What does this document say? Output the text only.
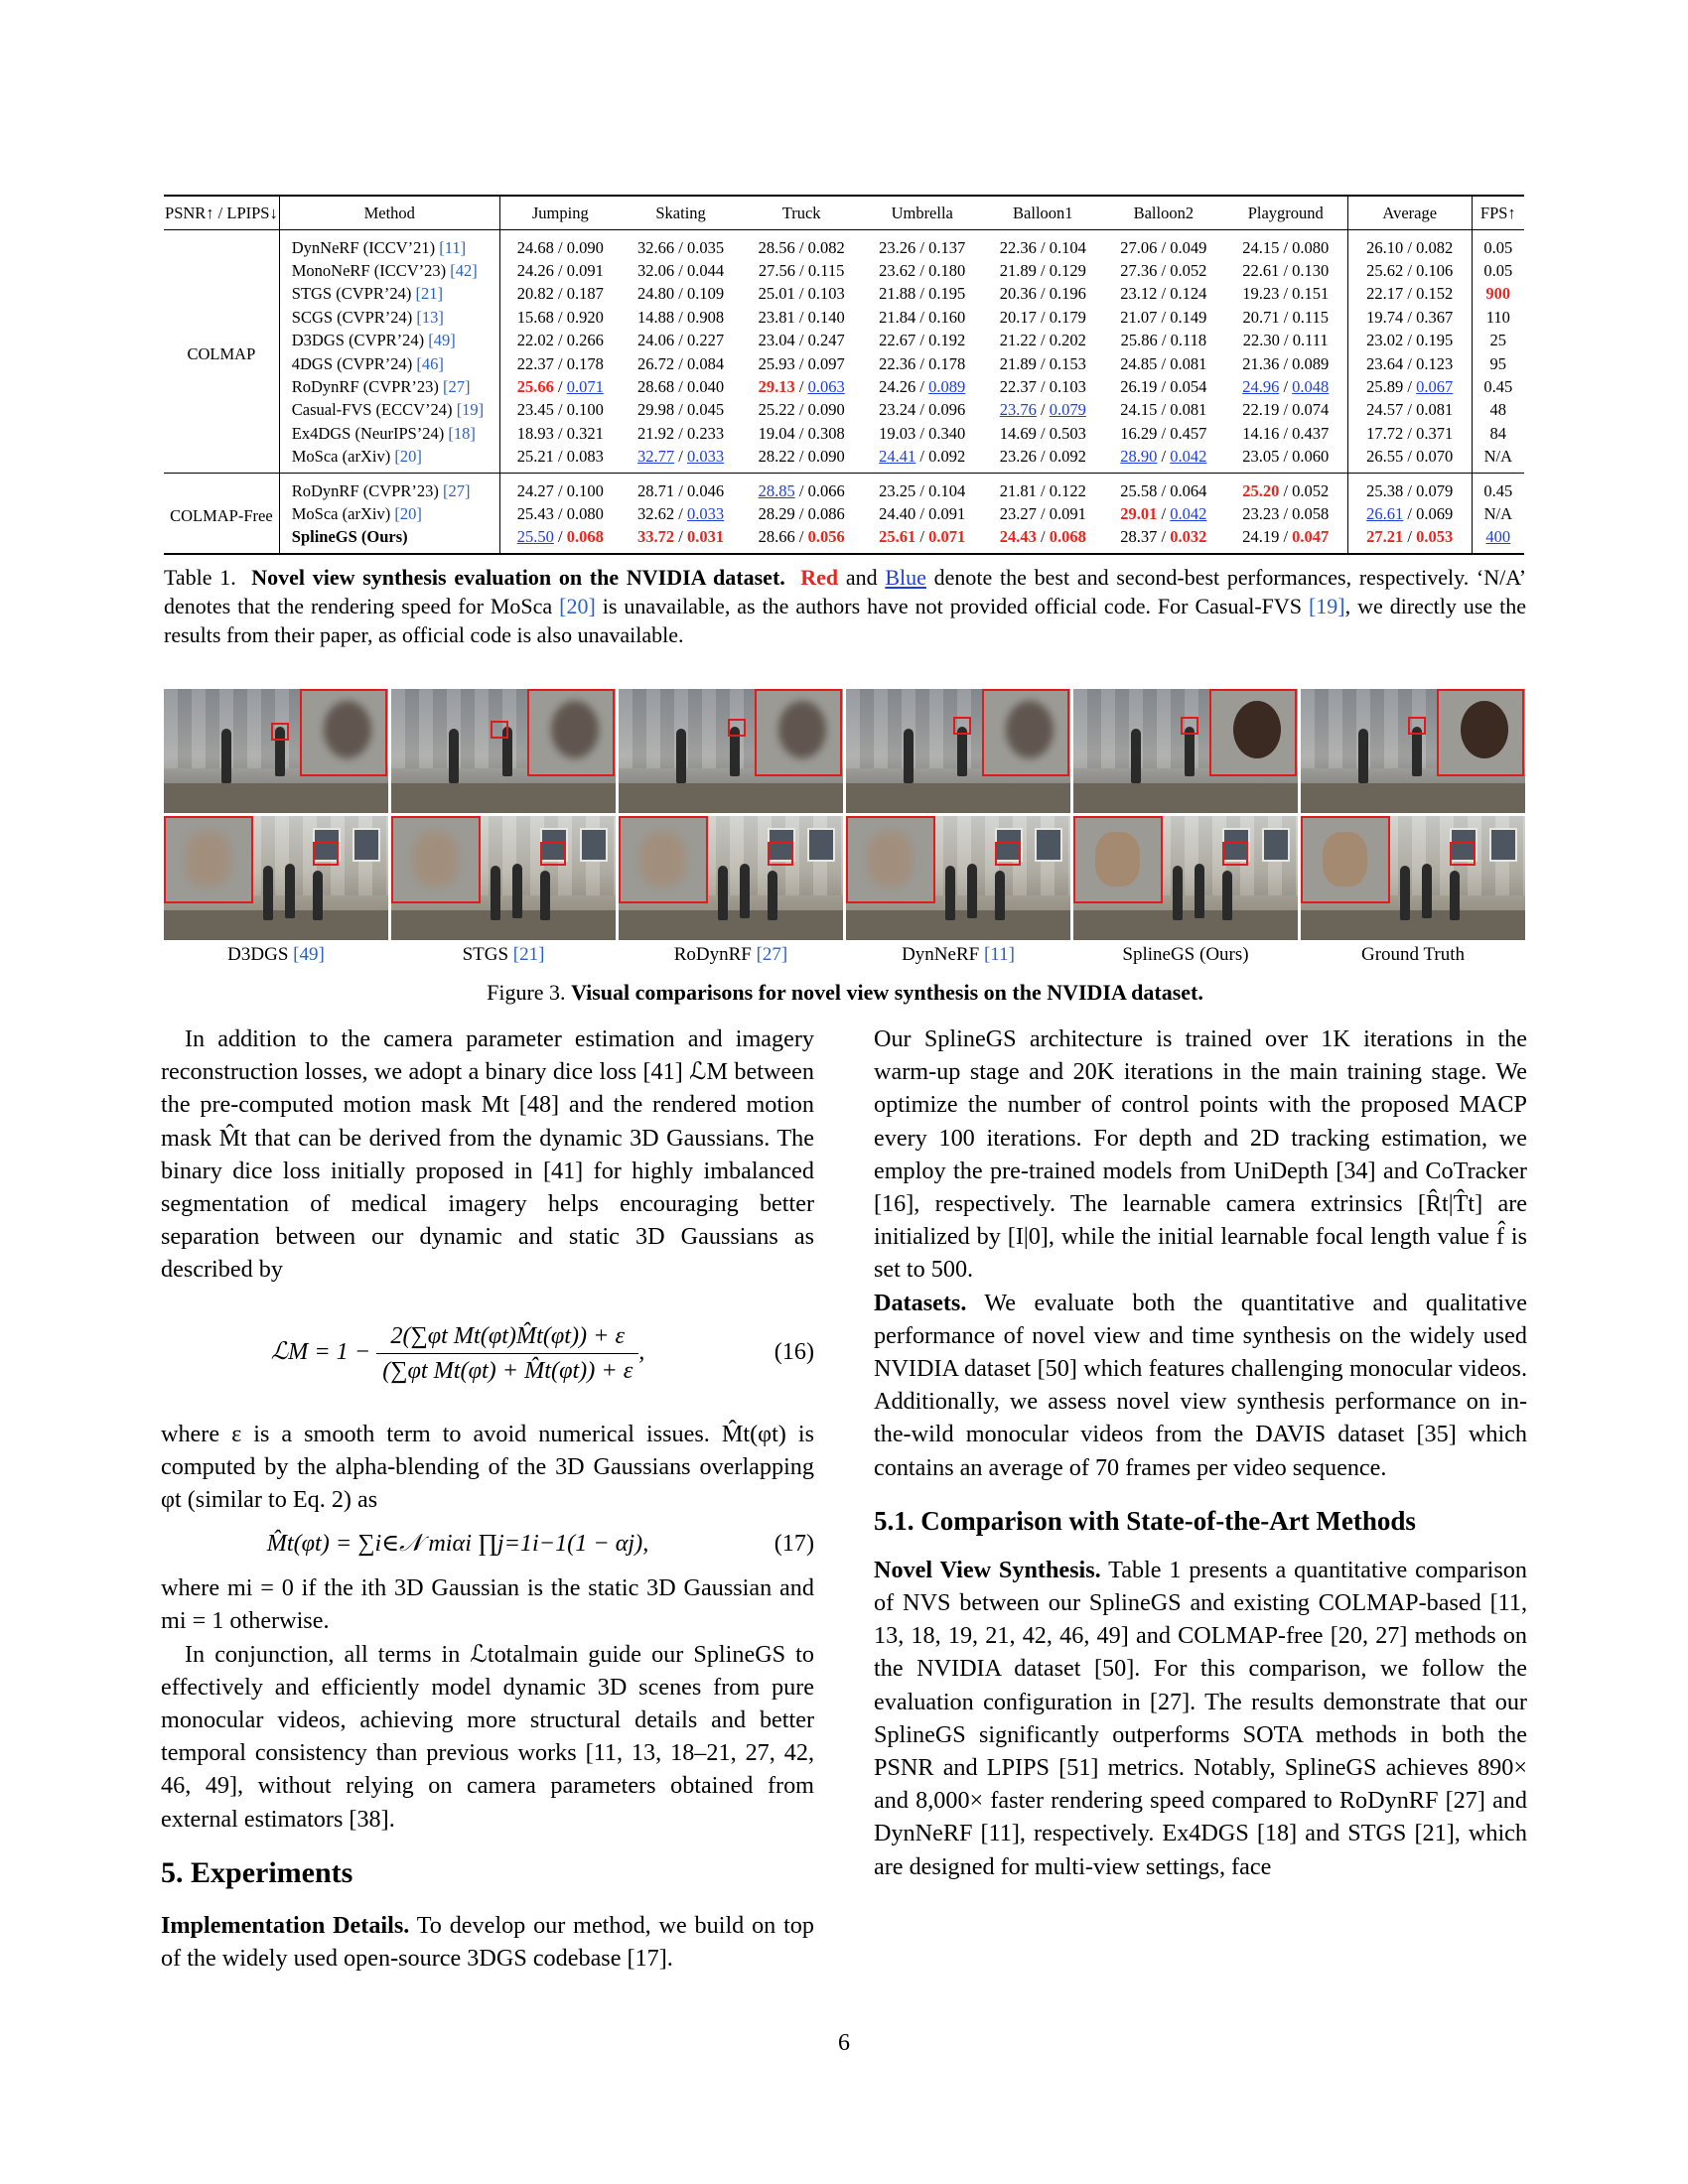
PSNR↑ / LPIPS↓	Method	Jumping	Skating	Truck	Umbrella	Balloon1	Balloon2	Playground	Average	FPS↑
COLMAP	DynNeRF (ICCV’21) [11]	24.68 / 0.090	32.66 / 0.035	28.56 / 0.082	23.26 / 0.137	22.36 / 0.104	27.06 / 0.049	24.15 / 0.080	26.10 / 0.082	0.05
	MonoNeRF (ICCV’23) [42]	24.26 / 0.091	32.06 / 0.044	27.56 / 0.115	23.62 / 0.180	21.89 / 0.129	27.36 / 0.052	22.61 / 0.130	25.62 / 0.106	0.05
	STGS (CVPR’24) [21]	20.82 / 0.187	24.80 / 0.109	25.01 / 0.103	21.88 / 0.195	20.36 / 0.196	23.12 / 0.124	19.23 / 0.151	22.17 / 0.152	900
	SCGS (CVPR’24) [13]	15.68 / 0.920	14.88 / 0.908	23.81 / 0.140	21.84 / 0.160	20.17 / 0.179	21.07 / 0.149	20.71 / 0.115	19.74 / 0.367	110
	D3DGS (CVPR’24) [49]	22.02 / 0.266	24.06 / 0.227	23.04 / 0.247	22.67 / 0.192	21.22 / 0.202	25.86 / 0.118	22.30 / 0.111	23.02 / 0.195	25
	4DGS (CVPR’24) [46]	22.37 / 0.178	26.72 / 0.084	25.93 / 0.097	22.36 / 0.178	21.89 / 0.153	24.85 / 0.081	21.36 / 0.089	23.64 / 0.123	95
	RoDynRF (CVPR’23) [27]	25.66 / 0.071	28.68 / 0.040	29.13 / 0.063	24.26 / 0.089	22.37 / 0.103	26.19 / 0.054	24.96 / 0.048	25.89 / 0.067	0.45
	Casual-FVS (ECCV’24) [19]	23.45 / 0.100	29.98 / 0.045	25.22 / 0.090	23.24 / 0.096	23.76 / 0.079	24.15 / 0.081	22.19 / 0.074	24.57 / 0.081	48
	Ex4DGS (NeurIPS’24) [18]	18.93 / 0.321	21.92 / 0.233	19.04 / 0.308	19.03 / 0.340	14.69 / 0.503	16.29 / 0.457	14.16 / 0.437	17.72 / 0.371	84
	MoSca (arXiv) [20]	25.21 / 0.083	32.77 / 0.033	28.22 / 0.090	24.41 / 0.092	23.26 / 0.092	28.90 / 0.042	23.05 / 0.060	26.55 / 0.070	N/A
COLMAP-Free	RoDynRF (CVPR’23) [27]	24.27 / 0.100	28.71 / 0.046	28.85 / 0.066	23.25 / 0.104	21.81 / 0.122	25.58 / 0.064	25.20 / 0.052	25.38 / 0.079	0.45
	MoSca (arXiv) [20]	25.43 / 0.080	32.62 / 0.033	28.29 / 0.086	24.40 / 0.091	23.27 / 0.091	29.01 / 0.042	23.23 / 0.058	26.61 / 0.069	N/A
	SplineGS (Ours)	25.50 / 0.068	33.72 / 0.031	28.66 / 0.056	25.61 / 0.071	24.43 / 0.068	28.37 / 0.032	24.19 / 0.047	27.21 / 0.053	400
Table 1. Novel view synthesis evaluation on the NVIDIA dataset. Red and Blue denote the best and second-best performances, respectively. ‘N/A’ denotes that the rendering speed for MoSca [20] is unavailable, as the authors have not provided official code. For Casual-FVS [19], we directly use the results from their paper, as official code is also unavailable.
D3DGS [49]	STGS [21]	RoDynRF [27]	DynNeRF [11]	SplineGS (Ours)	Ground Truth
Figure 3. Visual comparisons for novel view synthesis on the NVIDIA dataset.

In addition to the camera parameter estimation and imagery reconstruction losses, we adopt a binary dice loss [41] ℒM between the pre-computed motion mask Mt [48] and the rendered motion mask M̂t that can be derived from the dynamic 3D Gaussians. The binary dice loss initially proposed in [41] for highly imbalanced segmentation of medical imagery helps encouraging better separation between our dynamic and static 3D Gaussians as described by

ℒM = $1 - \frac{\text{2(∑φt Mt(φt)M̂t(φt)) + ε}}{\text{(∑φt Mt(φt) + M̂t(φt)) + ε}}$ ,	(16)

where ε is a smooth term to avoid numerical issues. M̂t(φt) is computed by the alpha-blending of the 3D Gaussians overlapping φt (similar to Eq. 2) as

M̂t(φt) = ∑i∈𝒩 miαi ∏j=1i−1(1 − αj),	(17)

where mi = 0 if the ith 3D Gaussian is the static 3D Gaussian and mi = 1 otherwise.

In conjunction, all terms in ℒtotalmain guide our SplineGS to effectively and efficiently model dynamic 3D scenes from pure monocular videos, achieving more structural details and better temporal consistency than previous works [11, 13, 18–21, 27, 42, 46, 49], without relying on camera parameters obtained from external estimators [38].

5. Experiments

Implementation Details. To develop our method, we build on top of the widely used open-source 3DGS codebase [17].

Our SplineGS architecture is trained over 1K iterations in the warm-up stage and 20K iterations in the main training stage. We optimize the number of control points with the proposed MACP every 100 iterations. For depth and 2D tracking estimation, we employ the pre-trained models from UniDepth [34] and CoTracker [16], respectively. The learnable camera extrinsics [R̂t|T̂t] are initialized by [I|0], while the initial learnable focal length value f̂ is set to 500.

Datasets. We evaluate both the quantitative and qualitative performance of novel view and time synthesis on the widely used NVIDIA dataset [50] which features challenging monocular videos. Additionally, we assess novel view synthesis performance on in-the-wild monocular videos from the DAVIS dataset [35] which contains an average of 70 frames per video sequence.

5.1. Comparison with State-of-the-Art Methods

Novel View Synthesis. Table 1 presents a quantitative comparison of NVS between our SplineGS and existing COLMAP-based [11, 13, 18, 19, 21, 42, 46, 49] and COLMAP-free [20, 27] methods on the NVIDIA dataset [50]. For this comparison, we follow the evaluation configuration in [27]. The results demonstrate that our SplineGS significantly outperforms SOTA methods in both the PSNR and LPIPS [51] metrics. Notably, SplineGS achieves 890× and 8,000× faster rendering speed compared to RoDynRF [27] and DynNeRF [11], respectively. Ex4DGS [18] and STGS [21], which are designed for multi-view settings, face

6
